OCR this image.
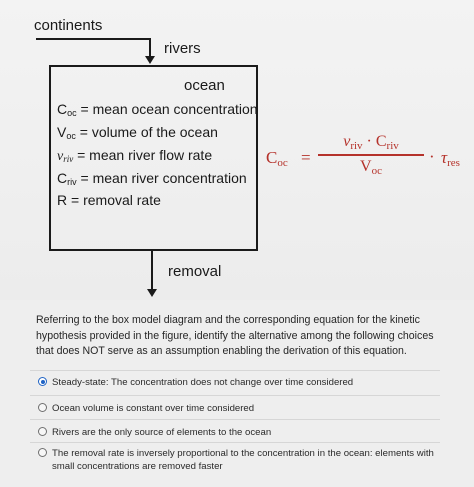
continents
rivers
ocean
$C_{oc}$ = mean ocean concentration
$V_{oc}$ = volume of the ocean
$v_{riv}$ = mean river flow rate
$C_{riv}$ = mean river concentration
R = removal rate
removal
$C_{oc}$ =
$v_{riv} \cdot C_{riv}$
$V_{oc}$
· $\tau_{res}$
Referring to the box model diagram and the corresponding equation for the kinetic hypothesis provided in the figure, identify the alternative among the following choices that does NOT serve as an assumption enabling the derivation of this equation.
Steady-state: The concentration does not change over time considered
Ocean volume is constant over time considered
Rivers are the only source of elements to the ocean
The removal rate is inversely proportional to the concentration in the ocean: elements with small concentrations are removed faster
